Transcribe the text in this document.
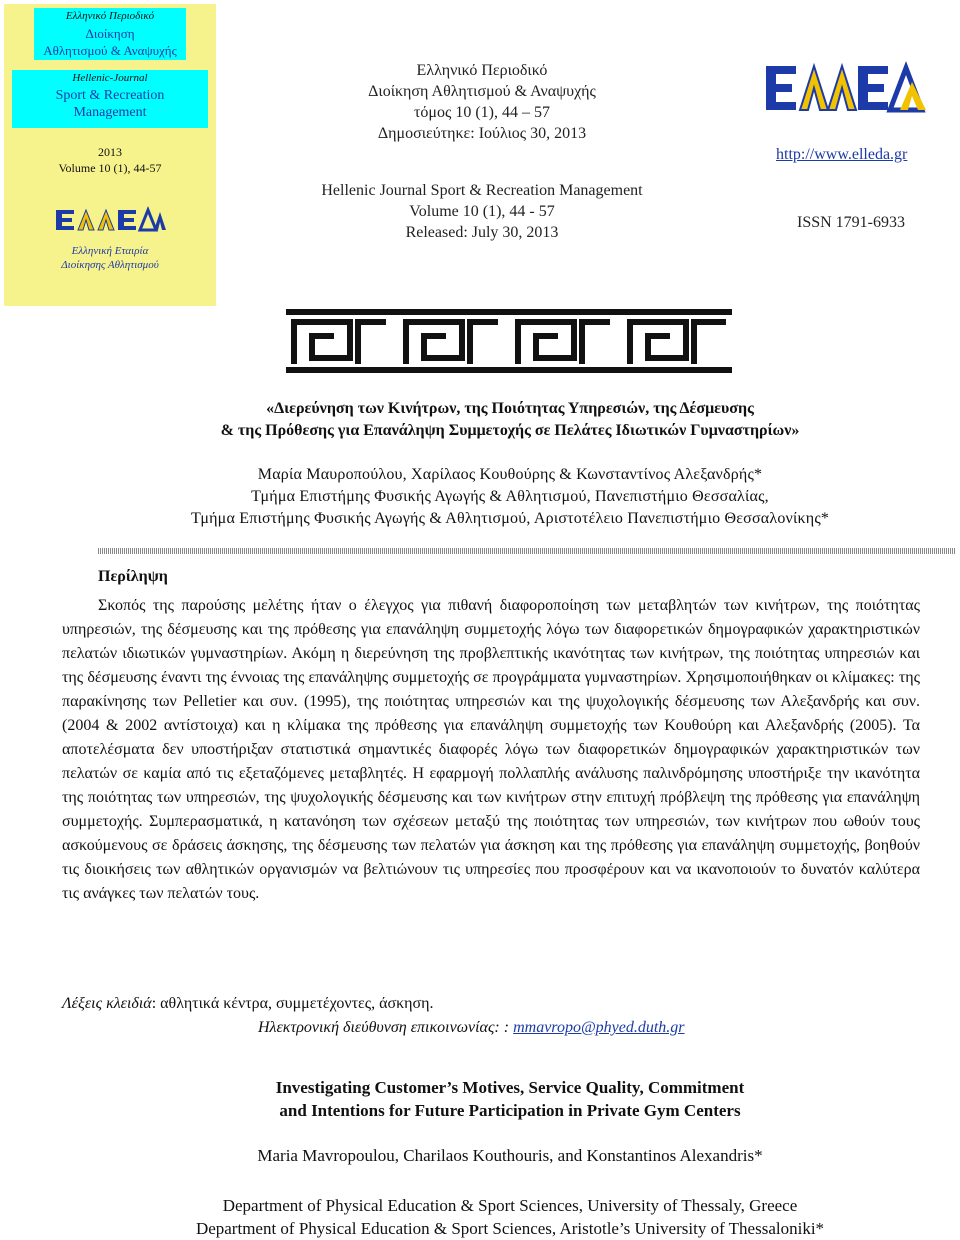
Ελληνικό Περιοδικό
Διοίκηση
Αθλητισμού & Αναψυχής
Hellenic-Journal
Sport & Recreation
Management
2013
Volume 10 (1), 44-57
Ελληνική Εταιρία
Διοίκησης Αθλητισμού
Ελληνικό Περιοδικό
Διοίκηση Αθλητισμού & Αναψυχής
τόμος 10 (1), 44 – 57
Δημοσιεύτηκε: Ιούλιος 30, 2013
Hellenic Journal Sport & Recreation Management
Volume 10 (1), 44 - 57
Released: July 30, 2013
http://www.elleda.gr
ISSN 1791-6933
«Διερεύνηση των Κινήτρων, της Ποιότητας Υπηρεσιών, της Δέσμευσης
& της Πρόθεσης για Επανάληψη Συμμετοχής σε Πελάτες Ιδιωτικών Γυμναστηρίων»
Μαρία Μαυροπούλου, Χαρίλαος Κουθούρης & Κωνσταντίνος Αλεξανδρής*
Τμήμα Επιστήμης Φυσικής Αγωγής & Αθλητισμού, Πανεπιστήμιο Θεσσαλίας,
Τμήμα Επιστήμης Φυσικής Αγωγής & Αθλητισμού, Αριστοτέλειο Πανεπιστήμιο Θεσσαλονίκης*
Περίληψη

Σκοπός της παρούσης μελέτης ήταν ο έλεγχος για πιθανή διαφοροποίηση των μεταβλητών των κινήτρων, της ποιότητας υπηρεσιών, της δέσμευσης και της πρόθεσης για επανάληψη συμμετοχής λόγω των διαφορετικών δημογραφικών χαρακτηριστικών πελατών ιδιωτικών γυμναστηρίων. Ακόμη η διερεύνηση της προβλεπτικής ικανότητας των κινήτρων, της ποιότητας υπηρεσιών και της δέσμευσης έναντι της έννοιας της επανάληψης συμμετοχής σε προγράμματα γυμναστηρίων. Χρησιμοποιήθηκαν οι κλίμακες: της παρακίνησης των Pelletier και συν. (1995), της ποιότητας υπηρεσιών και της ψυχολογικής δέσμευσης των Αλεξανδρής και συν. (2004 & 2002 αντίστοιχα) και η κλίμακα της πρόθεσης για επανάληψη συμμετοχής των Κουθούρη και Αλεξανδρής (2005). Τα αποτελέσματα δεν υποστήριξαν στατιστικά σημαντικές διαφορές λόγω των διαφορετικών δημογραφικών χαρακτηριστικών των πελατών σε καμία από τις εξεταζόμενες μεταβλητές. Η εφαρμογή πολλαπλής ανάλυσης παλινδρόμησης υποστήριξε την ικανότητα της ποιότητας των υπηρεσιών, της ψυχολογικής δέσμευσης και των κινήτρων στην επιτυχή πρόβλεψη της πρόθεσης για επανάληψη συμμετοχής. Συμπερασματικά, η κατανόηση των σχέσεων μεταξύ της ποιότητας των υπηρεσιών, των κινήτρων που ωθούν τους ασκούμενους σε δράσεις άσκησης, της δέσμευσης των πελατών για άσκηση και της πρόθεσης για επανάληψη συμμετοχής, βοηθούν τις διοικήσεις των αθλητικών οργανισμών να βελτιώνουν τις υπηρεσίες που προσφέρουν και να ικανοποιούν το δυνατόν καλύτερα τις ανάγκες των πελατών τους.

Λέξεις κλειδιά: αθλητικά κέντρα, συμμετέχοντες, άσκηση.
Ηλεκτρονική διεύθυνση επικοινωνίας: : mmavropo@phyed.duth.gr
Investigating Customer’s Motives, Service Quality, Commitment
and Intentions for Future Participation in Private Gym Centers
Maria Mavropoulou, Charilaos Kouthouris, and Konstantinos Alexandris*
Department of Physical Education & Sport Sciences, University of Thessaly, Greece
Department of Physical Education & Sport Sciences, Aristotle’s University of Thessaloniki*
